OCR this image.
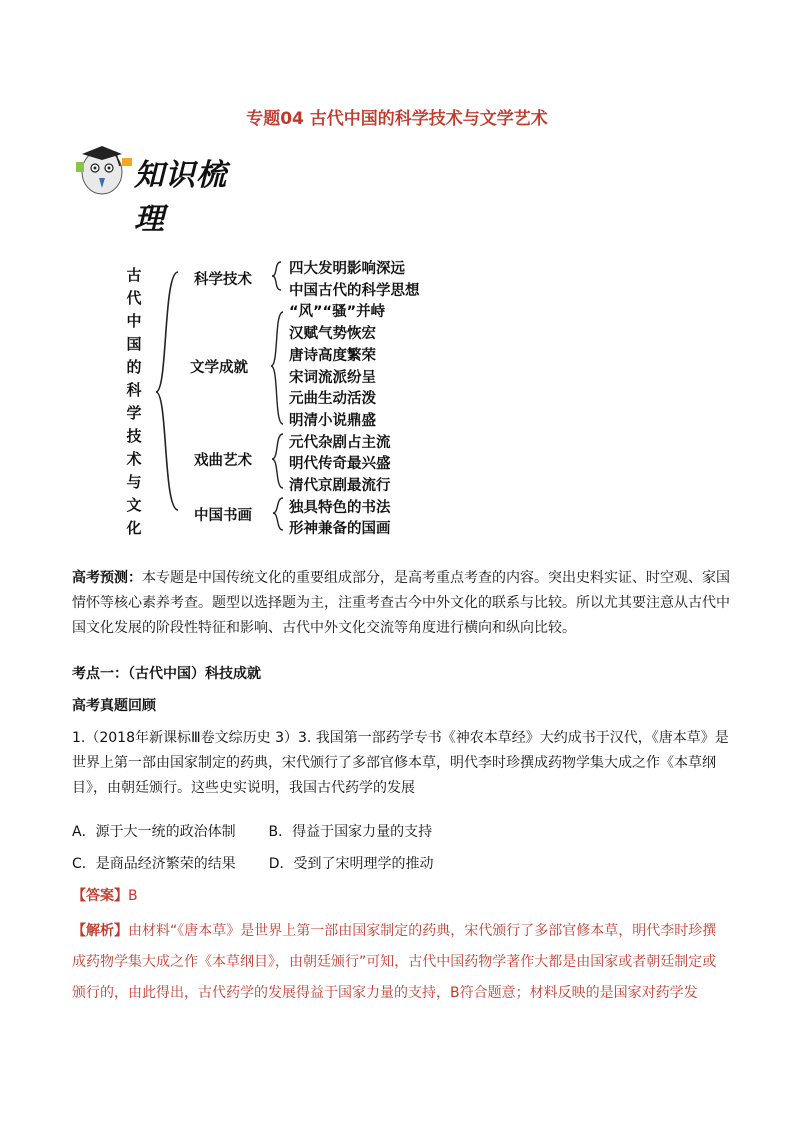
专题04 古代中国的科学技术与文学艺术
知识梳理
古
代
中
国
的
科
学
技
术
与
文
化
科学技术
文学成就
戏曲艺术
中国书画
四大发明影响深远
中国古代的科学思想
“风”“骚”并峙
汉赋气势恢宏
唐诗高度繁荣
宋词流派纷呈
元曲生动活泼
明清小说鼎盛
元代杂剧占主流
明代传奇最兴盛
清代京剧最流行
独具特色的书法
形神兼备的国画
高考预测：本专题是中国传统文化的重要组成部分，是高考重点考查的内容。突出史料实证、时空观、家国情怀等核心素养考查。题型以选择题为主，注重考查古今中外文化的联系与比较。所以尤其要注意从古代中国文化发展的阶段性特征和影响、古代中外文化交流等角度进行横向和纵向比较。
考点一：（古代中国）科技成就
高考真题回顾
1.（2018年新课标Ⅲ卷文综历史 3）3. 我国第一部药学专书《神农本草经》大约成书于汉代，《唐本草》是世界上第一部由国家制定的药典，宋代颁行了多部官修本草，明代李时珍撰成药物学集大成之作《本草纲目》，由朝廷颁行。这些史实说明，我国古代药学的发展
A．源于大一统的政治体制 B．得益于国家力量的支持
C．是商品经济繁荣的结果 D．受到了宋明理学的推动
【答案】B
【解析】由材料“《唐本草》是世界上第一部由国家制定的药典，宋代颁行了多部官修本草，明代李时珍撰成药物学集大成之作《本草纲目》，由朝廷颁行”可知，古代中国药物学著作大都是由国家或者朝廷制定或颁行的，由此得出，古代药学的发展得益于国家力量的支持，B符合题意；材料反映的是国家对药学发
